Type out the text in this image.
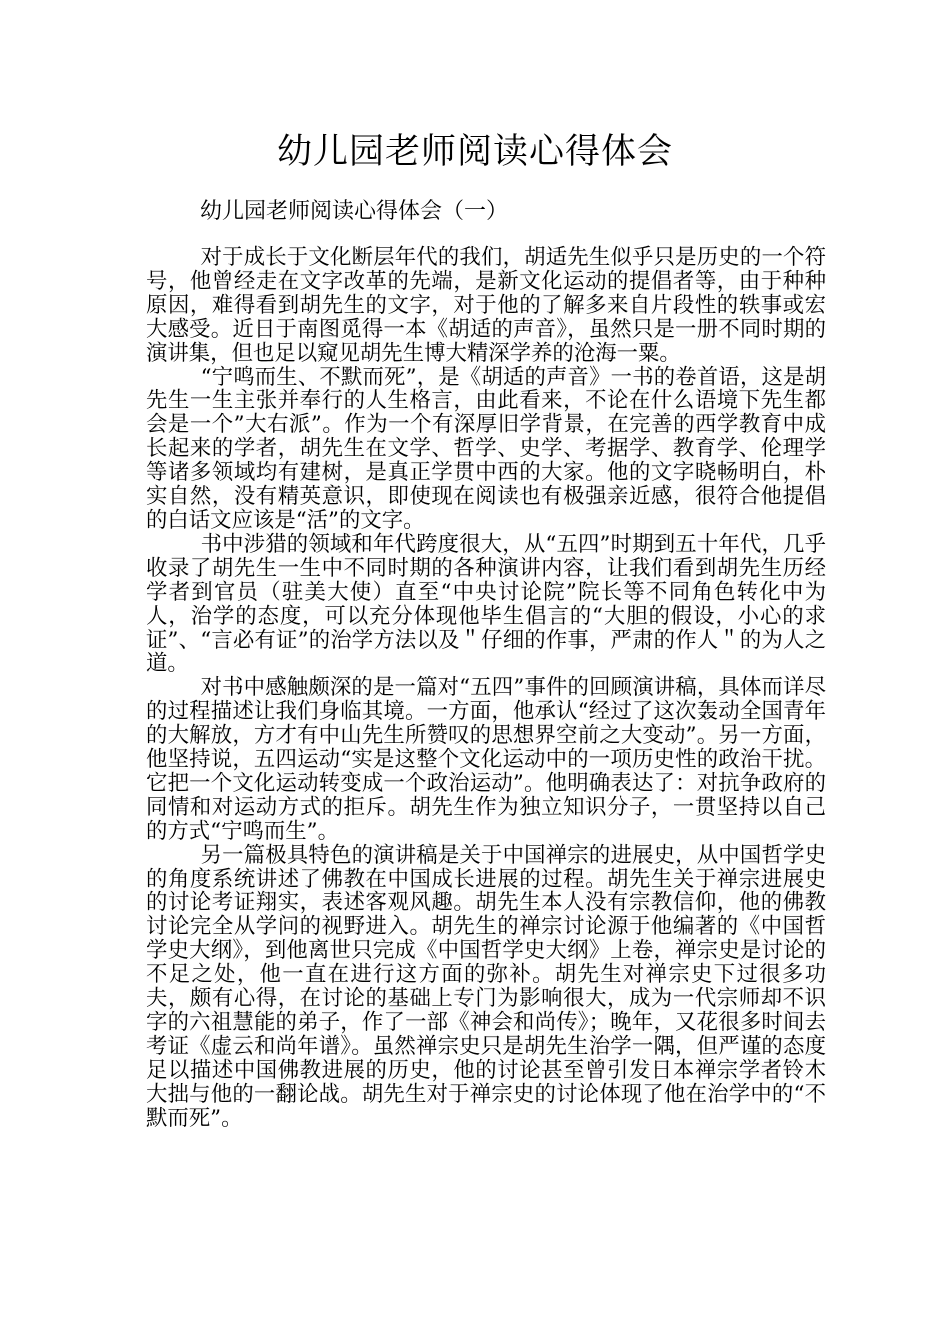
幼儿园老师阅读心得体会
幼儿园老师阅读心得体会（一）

对于成长于文化断层年代的我们，胡适先生似乎只是历史的一个符号，他曾经走在文字改革的先端，是新文化运动的提倡者等，由于种种原因，难得看到胡先生的文字，对于他的了解多来自片段性的轶事或宏大感受。近日于南图觅得一本《胡适的声音》，虽然只是一册不同时期的演讲集，但也足以窥见胡先生博大精深学养的沧海一粟。

“宁鸣而生、不默而死”，是《胡适的声音》一书的卷首语，这是胡先生一生主张并奉行的人生格言，由此看来，不论在什么语境下先生都会是一个”大右派”。作为一个有深厚旧学背景，在完善的西学教育中成长起来的学者，胡先生在文学、哲学、史学、考据学、教育学、伦理学等诸多领域均有建树，是真正学贯中西的大家。他的文字晓畅明白，朴实自然，没有精英意识，即使现在阅读也有极强亲近感，很符合他提倡的白话文应该是“活”的文字。

书中涉猎的领域和年代跨度很大，从“五四”时期到五十年代，几乎收录了胡先生一生中不同时期的各种演讲内容，让我们看到胡先生历经学者到官员（驻美大使）直至“中央讨论院”院长等不同角色转化中为人，治学的态度，可以充分体现他毕生倡言的“大胆的假设，小心的求证”、“言必有证”的治学方法以及＂仔细的作事，严肃的作人＂的为人之道。

对书中感触颇深的是一篇对“五四”事件的回顾演讲稿，具体而详尽的过程描述让我们身临其境。一方面，他承认“经过了这次轰动全国青年的大解放，方才有中山先生所赞叹的思想界空前之大变动”。另一方面，他坚持说，五四运动“实是这整个文化运动中的一项历史性的政治干扰。它把一个文化运动转变成一个政治运动”。他明确表达了：对抗争政府的同情和对运动方式的拒斥。胡先生作为独立知识分子，一贯坚持以自己的方式“宁鸣而生”。

另一篇极具特色的演讲稿是关于中国禅宗的进展史，从中国哲学史的角度系统讲述了佛教在中国成长进展的过程。胡先生关于禅宗进展史的讨论考证翔实，表述客观风趣。胡先生本人没有宗教信仰，他的佛教讨论完全从学问的视野进入。胡先生的禅宗讨论源于他编著的《中国哲学史大纲》，到他离世只完成《中国哲学史大纲》上卷，禅宗史是讨论的不足之处，他一直在进行这方面的弥补。胡先生对禅宗史下过很多功夫，颇有心得，在讨论的基础上专门为影响很大，成为一代宗师却不识字的六祖慧能的弟子，作了一部《神会和尚传》；晚年，又花很多时间去考证《虚云和尚年谱》。虽然禅宗史只是胡先生治学一隅，但严谨的态度足以描述中国佛教进展的历史，他的讨论甚至曾引发日本禅宗学者铃木大拙与他的一翻论战。胡先生对于禅宗史的讨论体现了他在治学中的“不默而死”。
